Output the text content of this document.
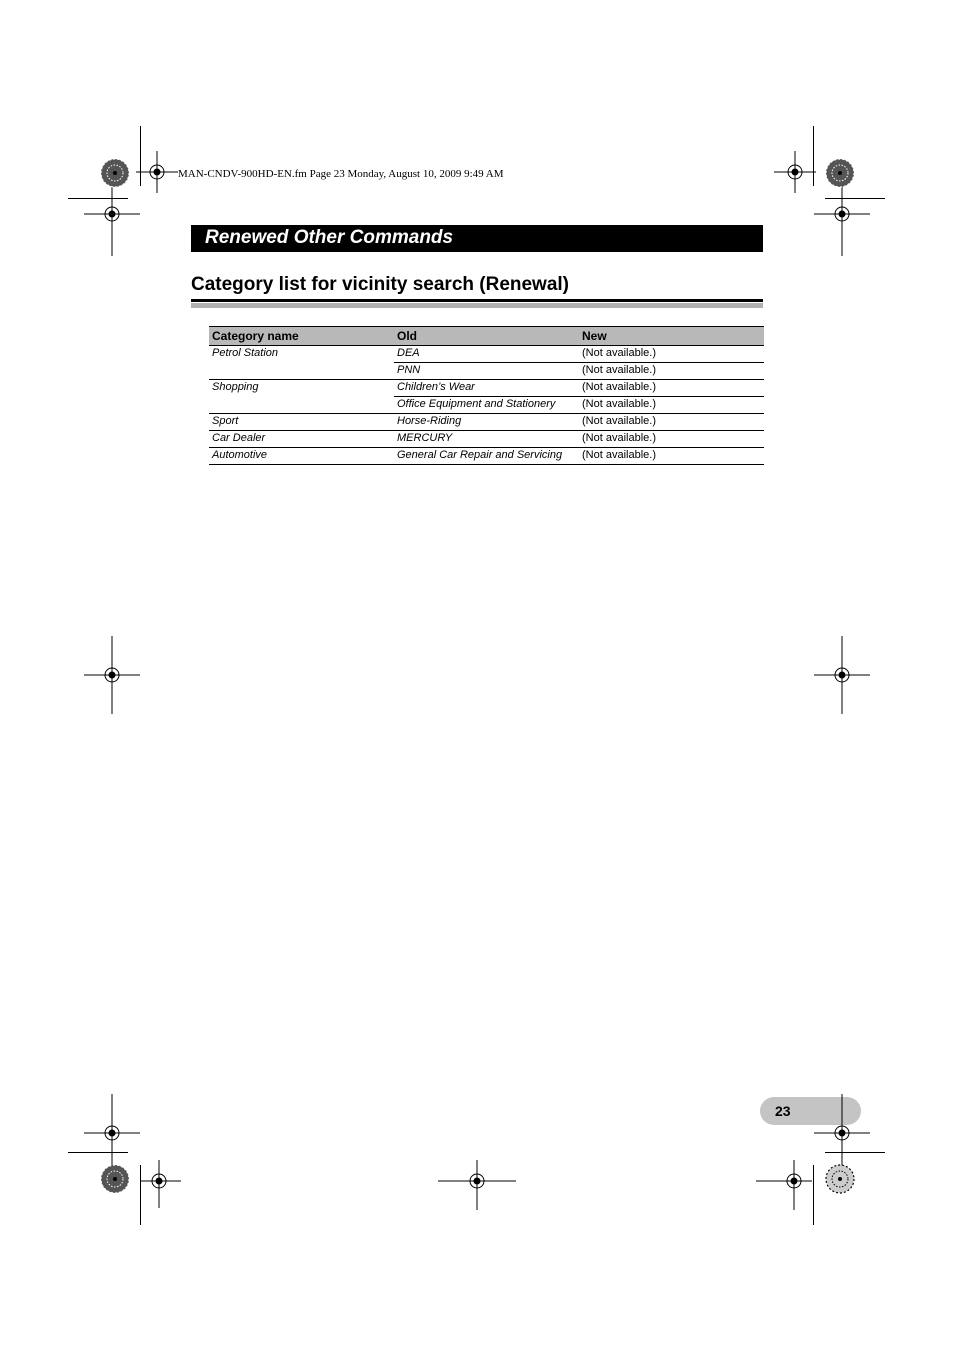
MAN-CNDV-900HD-EN.fm Page 23 Monday, August 10, 2009 9:49 AM
Renewed Other Commands
Category list for vicinity search (Renewal)
Category name	Old	New
Petrol Station	DEA	(Not available.)
	PNN	(Not available.)
Shopping	Children’s Wear	(Not available.)
	Office Equipment and Stationery	(Not available.)
Sport	Horse-Riding	(Not available.)
Car Dealer	MERCURY	(Not available.)
Automotive	General Car Repair and Servicing	(Not available.)
23
